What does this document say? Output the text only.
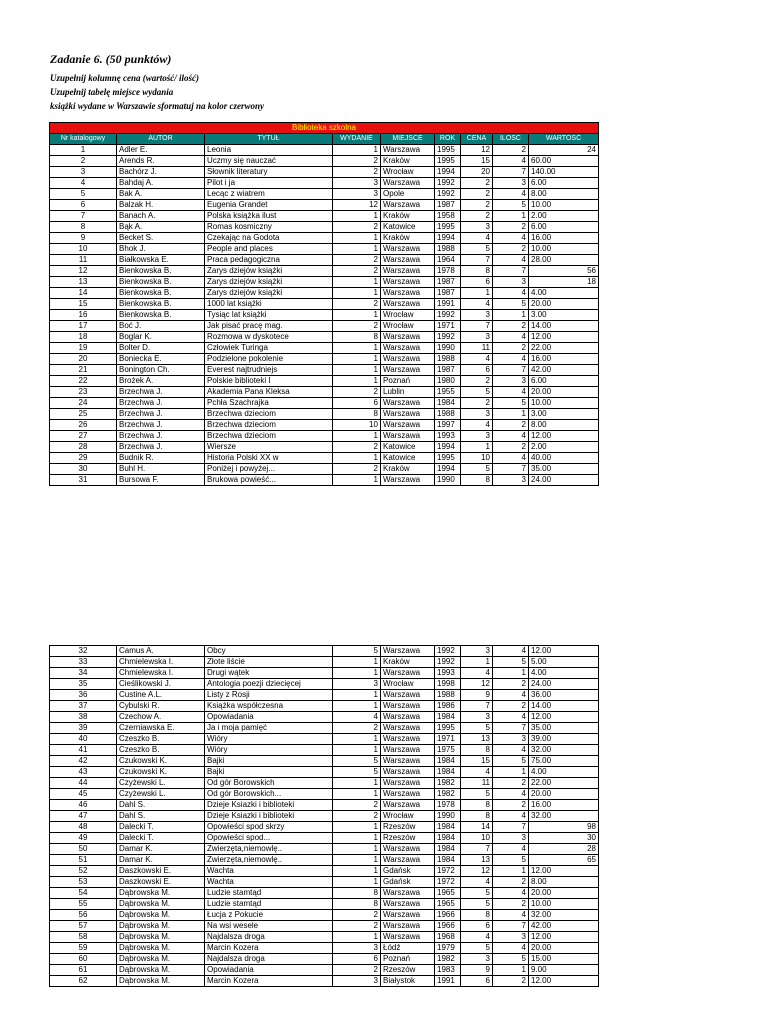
Zadanie 6. (50 punktów)
Uzupełnij kolumnę cena (wartość/ ilość)
Uzupełnij tabelę miejsce wydania
książki wydane w Warszawie sformatuj na kolor czerwony
Biblioteka szkolna								
Nr katalogowy	AUTOR	TYTUŁ	WYDANIE	MIEJSCE	ROK	CENA	ILOŚĆ	WARTOŚĆ
1	Adler E.	Leonia	1	Warszawa	1995	12	2	24
2	Arends R.	Uczmy się nauczać	2	Kraków	1995	15	4	60.00
3	Bachórz J.	Słownik literatury	2	Wrocław	1994	20	7	140.00
4	Bahdaj A.	Pilot i ja	3	Warszawa	1992	2	3	6.00
5	Bak A.	Lecąc z wiatrem	3	Opole	1992	2	4	8.00
6	Balzak H.	Eugenia Grandet	12	Warszawa	1987	2	5	10.00
7	Banach A.	Polska książka ilust	1	Kraków	1958	2	1	2.00
8	Bąk A.	Romas kosmiczny	2	Katowice	1995	3	2	6.00
9	Becket S.	Czekając na Godota	1	Kraków	1994	4	4	16.00
10	Bhok J.	People and places	1	Warszawa	1988	5	2	10.00
11	Białkowska E.	Praca pedagogiczna	2	Warszawa	1964	7	4	28.00
12	Bienkowska B.	Zarys dziejów książki	2	Warszawa	1978	8	7	56
13	Bienkowska B.	Zarys dziejów książki	1	Warszawa	1987	6	3	18
14	Bienkowska B.	Zarys dziejów książki	1	Warszawa	1987	1	4	4.00
15	Bienkowska B.	1000 lat książki	2	Warszawa	1991	4	5	20.00
16	Bienkowska B.	Tysiąc lat książki	1	Wrocław	1992	3	1	3.00
17	Boć J.	Jak pisać pracę mag.	2	Wrocław	1971	7	2	14.00
18	Boglar K.	Rozmowa w dyskotece	8	Warszawa	1992	3	4	12.00
19	Bolter D.	Człowiek Turinga	1	Warszawa	1990	11	2	22.00
20	Boniecka E.	Podzielone pokolenie	1	Warszawa	1988	4	4	16.00
21	Bonington Ch.	Everest najtrudniejs	1	Warszawa	1987	6	7	42.00
22	Brożek A.	Polskie biblioteki I	1	Poznań	1980	2	3	6.00
23	Brzechwa J.	Akademia Pana Kleksa	2	Lublin	1955	5	4	20.00
24	Brzechwa J.	Pchła Szachrajka	6	Warszawa	1984	2	5	10.00
25	Brzechwa J.	Brzechwa dzieciom	8	Warszawa	1988	3	1	3.00
26	Brzechwa J.	Brzechwa dzieciom	10	Warszawa	1997	4	2	8.00
27	Brzechwa J.	Brzechwa dzieciom	1	Warszawa	1993	3	4	12.00
28	Brzechwa J.	Wiersze	2	Katowice	1994	1	2	2.00
29	Budnik R.	Historia Polski XX w	1	Katowice	1995	10	4	40.00
30	Buhl H.	Poniżej i powyżej...	2	Kraków	1994	5	7	35.00
31	Bursowa F.	Brukowa powieść...	1	Warszawa	1990	8	3	24.00
32	Camus A.	Obcy	5	Warszawa	1992	3	4	12.00
33	Chmielewska I.	Złote liście	1	Kraków	1992	1	5	5.00
34	Chmielewska I.	Drugi wątek	1	Warszawa	1993	4	1	4.00
35	Cieślikowski J.	Antologia poezji dziecięcej	3	Wrocław	1998	12	2	24.00
36	Custine A.L.	Listy z Rosji	1	Warszawa	1988	9	4	36.00
37	Cybulski R.	Książka współczesna	1	Warszawa	1986	7	2	14.00
38	Czechow A.	Opowiadania	4	Warszawa	1984	3	4	12.00
39	Czerniawska E.	Ja i moja pamięć	2	Warszawa	1995	5	7	35.00
40	Czeszko B.	Wióry	1	Warszawa	1971	13	3	39.00
41	Czeszko B.	Wióry	1	Warszawa	1975	8	4	32.00
42	Czukowski K.	Bajki	5	Warszawa	1984	15	5	75.00
43	Czukowski K.	Bajki	5	Warszawa	1984	4	1	4.00
44	Czyżewski L.	Od gór Borowskich	1	Warszawa	1982	11	2	22.00
45	Czyżewski L.	Od gór Borowskich...	1	Warszawa	1982	5	4	20.00
46	Dahl S.	Dzieje Ksiazki i biblioteki	2	Warszawa	1978	8	2	16.00
47	Dahl S.	Dzieje Ksiazki i biblioteki	2	Wrocław	1990	8	4	32.00
48	Dalecki T.	Opowieści spod skrzy	1	Rzeszów	1984	14	7	98
49	Dalecki T.	Opowieści spod...	1	Rzeszów	1984	10	3	30
50	Damar K.	Zwierzęta,niemowlę..	1	Warszawa	1984	7	4	28
51	Damar K.	Zwierzęta,niemowlę..	1	Warszawa	1984	13	5	65
52	Daszkowski E.	Wachta	1	Gdańsk	1972	12	1	12.00
53	Daszkowski E.	Wachta	1	Gdańsk	1972	4	2	8.00
54	Dąbrowska M.	Ludzie stamtąd	8	Warszawa	1965	5	4	20.00
55	Dąbrowska M.	Ludzie stamtąd	8	Warszawa	1965	5	2	10.00
56	Dąbrowska M.	Łucja z Pokucie	2	Warszawa	1966	8	4	32.00
57	Dąbrowska M.	Na wsi wesele	2	Warszawa	1966	6	7	42.00
58	Dąbrowska M.	Najdalsza droga	1	Warszawa	1968	4	3	12.00
59	Dąbrowska M.	Marcin Kozera	3	Łódź	1979	5	4	20.00
60	Dąbrowska M.	Najdalsza droga	6	Poznań	1982	3	5	15.00
61	Dąbrowska M.	Opowiadania	2	Rzeszów	1983	9	1	9.00
62	Dąbrowska M.	Marcin Kozera	3	Białystok	1991	6	2	12.00
